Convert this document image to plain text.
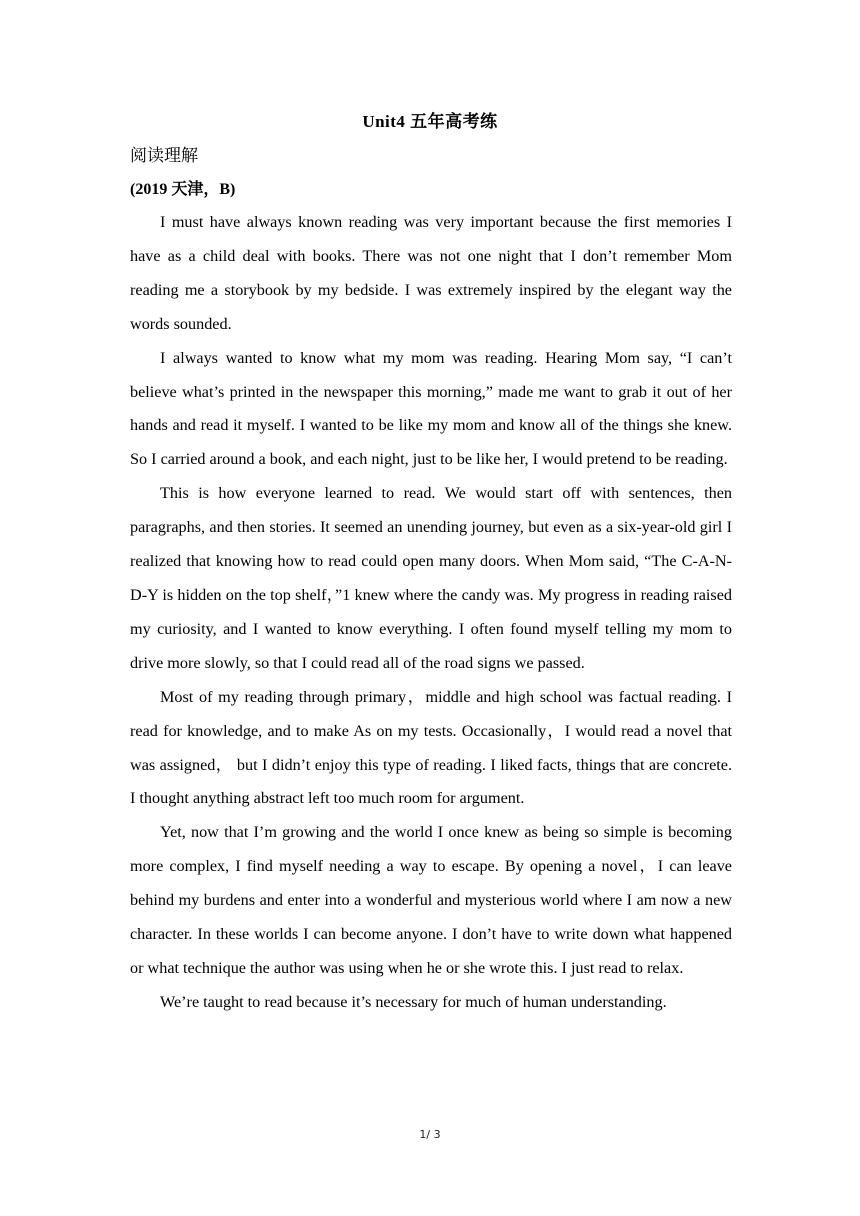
Unit4 五年高考练
阅读理解
(2019 天津，B)

I must have always known reading was very important because the first memories I have as a child deal with books. There was not one night that I don’t remember Mom reading me a storybook by my bedside. I was extremely inspired by the elegant way the words sounded.

I always wanted to know what my mom was reading. Hearing Mom say, “I can’t believe what’s printed in the newspaper this morning,” made me want to grab it out of her hands and read it myself. I wanted to be like my mom and know all of the things she knew. So I carried around a book, and each night, just to be like her, I would pretend to be reading.

This is how everyone learned to read. We would start off with sentences, then paragraphs, and then stories. It seemed an unending journey, but even as a six-year-old girl I realized that knowing how to read could open many doors. When Mom said, “The C-A-N-D-Y is hidden on the top shelf，”1 knew where the candy was. My progress in reading raised my curiosity, and I wanted to know everything. I often found myself telling my mom to drive more slowly, so that I could read all of the road signs we passed.

Most of my reading through primary，middle and high school was factual reading. I read for knowledge, and to make As on my tests. Occasionally，I would read a novel that was assigned， but I didn’t enjoy this type of reading. I liked facts, things that are concrete. I thought anything abstract left too much room for argument.

Yet, now that I’m growing and the world I once knew as being so simple is becoming more complex, I find myself needing a way to escape. By opening a novel，I can leave behind my burdens and enter into a wonderful and mysterious world where I am now a new character. In these worlds I can become anyone. I don’t have to write down what happened or what technique the author was using when he or she wrote this. I just read to relax.

We’re taught to read because it’s necessary for much of human understanding.

1/ 3
